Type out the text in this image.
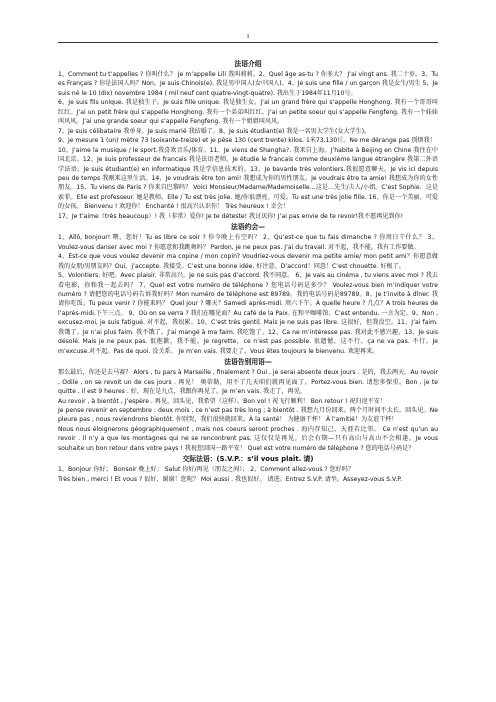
1
法语介绍

1、Comment tu t’appelles ? 你叫什么？ Je m’appelle Lili 我叫莉莉。2、Quel âge as-tu ? 你多大？ J’ai vingt ans. 我二十岁。3、Tu es Français ? 你是法国人吗？Non，Je suis Chinois(e). 我是男中国人(女中国人)。4、Je suis une fille / un garçon 我是女生/男生 5、Je suis né le 10 (dix) novembre 1984 ( mil neuf cent quatre-vingt-quatre). 我出生于1984年11月10号。

6、Je suis fils unique. 我是独生子。Je suis fille unique. 我是独生女。J’ai un grand frère qui s’appelle Honghong. 我有一个哥哥叫红红。J’ai un petit frère qui s’appelle Honghong. 我有一个弟弟叫红红。J’ai un petite soeur qui s’appelle Fengfeng. 我有一个妹妹叫风风。J’ai une grande soeur qui s’appelle Fengfeng. 我有一个姐姐叫风风。

7、Je suis célibataire 我单身。Je suis marié 我结婚了。8、Je suis étudiant(e) 我是一名男大学生(女大学生)。

9、Je mesure 1 (un) mètre 73 (soixante-treize) et je pèse 130 (cent trente) kilos. 1米73,130斤。Ne me dérange pas 别烦我！

10、J’aime la musique / le sport.我喜欢音乐/体育。11、Je viens de Shangha?. 我来自上海。J’habite à Beijing en Chine 我住在中国北京。12、Je suis professeur de francais 我是法语老师。Je étudie le francais comme deuxième langue étrangère 我第二外语学法语。Je suis étudiant(e) en informatique 我是学信息技术的。13、Je bavarde très volontiers.我很愿意聊天。Je vis ici depuis peu de temps 我刚来这里生活。14、Je voudrais être ton ami! 我想成为你的男性朋友。Je voudrais être ta amie! 我想成为你的女性朋友。15、Tu viens de Paris ? 你来自巴黎吗？ Voici Monsieur/Madame/Mademoiselle…这是…先生/夫人/小姐。C’est Sophie．这是索菲。Elle est professeur. 她是教师。Elle / Tu est très jolie. 她/你很漂亮、可爱。Tu est une très jolie fille. 16、你是一个美丽、可爱的女孩。 Bienvenu ! 欢迎你！ Enchanté ! 很高兴认识你！ Très heureux ! 幸会！

17、Je t’aime（très beaucoup）! 我（非常）爱你! Je te déteste! 我讨厌你! J’ai pas envie de te revoir!我不愿再见到你!

法语约会—

1、Allô, bonjour! 喂，您好！Tu es libre ce soir ? 你今晚上有空吗？ 2、Qu’est-ce que tu fais dimanche ? 你周日干什么？ 3、Voulez-vous danser avec moi ? 你愿意和我跳舞吗？ Pardon, je ne peux pas. J’ai du travail. 对不起，我不能。我有工作要做。

4、Est-ce que vous voulez devenir ma copine / mon copin? Voudriez-vous devenir ma petite amie/ mon petit ami？你愿意做我的女朋/男朋友吗？Oui，j’accepte. 我接受。C’est une bonne idée. 好注意。D’accord！同意！C’est chouette. 好极了。

5、Volontiers. 好吧。Avec plaisir. 非常高兴。Je ne suis pas d’accord. 我不同意。 6、Je vais au cinéma , tu viens avec moi ? 我去看电影，你和我一起去吗？ 7、Quel est votre numéro de téléphone ? 您电话号码是多少？ Voulez-vous bien m’indiquer votre numéro ? 请把您的电话号码告诉我好吗？Mon numéro de téléphone est 89789。我的电话号码是89789。8、Je t’invite à dîner. 我请你吃饭。Tu peux venir ? 你能来吗？ Quel jour ? 哪天？Samedi après-midi. 周六下午。À quelle heure ? 几点？A trois heures de l’après-midi.下午三点。 9、Où on se verra ? 我们在哪见面？Au café de la Paix. 在和平咖啡馆。C’est entendu. 一言为定。9、Non , excusez-moi, je suis fatigué. 对不起，我很累。10、C’est très gentil. Mais je ne suis pas libre. 这很好，但我没空。11、J’ai faim.我饿了。Je n’ai plus faim. 我不饿了。J’ai mangé à ma faim. 我吃饱了。12、Ca ne m’intéresse pas. 我对此不感兴趣。13、Je suis désolé. Mais je ne peux pas. 很抱歉，我不能。Je regrette，ce n’est pas possible. 很遗憾，这不行。ça ne va pas. 不行。Je m’excuse.对不起。Pas de quoi. 没关系。 Je m’en vais. 我要走了。Vous êtes toujours le bienvenu. 欢迎再来。

法语告别用语—

那么最后，你还是去马赛？ Alors , tu pars à Marseille , finalement ? Oui , je serai absente deux jours . 是的，我去两天。Au revoir , Odile , on se revoit un de ces jours . 再见！ 奥蒂勒，用不了几天咱们就再见面了。Portez-vous bien. 请您多保重。Bon , je te quitte , il est 9 heures . 好，现在是九点，我跟你再见了。Je m’en vais. 我走了，再见。

Au revoir , à bientôt , J’espère . 再见，回头见，我希望（这样）。Bon vol ! 祝飞行顺利！ Bon retour ! 祝归途平安！

Je pense revenir en septembre : deux mois , ce n’est pas très long ; à bientôt . 我想九月份回来。两个月时间不太长，回头见。Ne pleure pas , nous reviendrons bientôt. 你别哭，我们很快就回来。À la santé！ 为健康干杯！ À l’amitié！为友谊干杯！

Nous nous éloignerons géographiquement , mais nos coeurs seront proches . 海内存知己，天涯若比邻。 Ce n’est qu’un au revoir . Il n’y a que les montagnes qui ne se rencontrent pas. 这仅仅是再见。后会有期—只有高山与高山不会相逢。Je vous souhaite un bon retour dans votre pays ! 我祝您回国一路平安！ Quel est votre numéro de téléphone ? 您的电话号码是？

交际法语：(S.V.P.：s’il vous plaît. 请)

1、Bonjour 你好； Bonsoir 晚上好； Salut 你好/再见（朋友之间）； 2、Comment allez-vous ? 您好吗？

Très bien , merci ! Et vous ? 很好，谢谢！您呢？ Moi aussi . 我也很好。 请进。Entrez S.V.P. 请坐。Asseyez-vous S.V.P.
